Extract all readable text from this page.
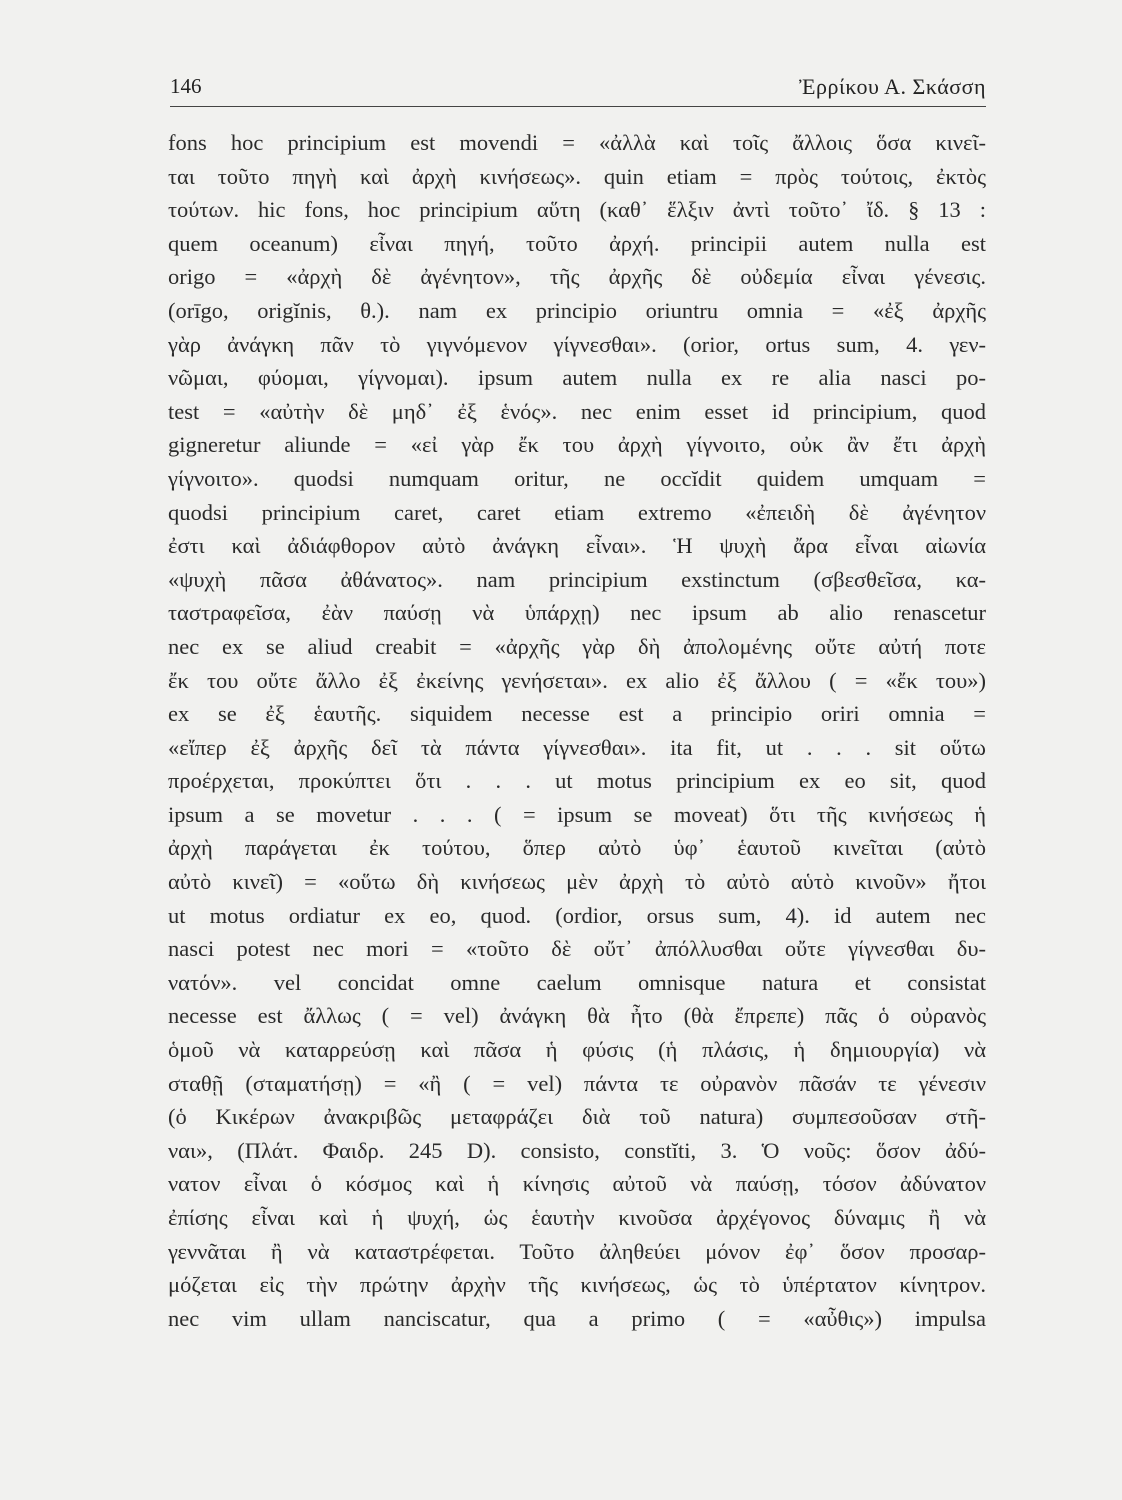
146	Ἐρρίκου Α. Σκάσση
fons hoc principium est movendi = «ἀλλὰ καὶ τοῖς ἄλλοις ὅσα κινεῖ-
ται τοῦτο πηγὴ καὶ ἀρχὴ κινήσεως». quin etiam = πρὸς τούτοις, ἐκτὸς
τούτων. hic fons, hoc principium αὕτη (καθ᾽ ἕλξιν ἀντὶ τοῦτο᾽ ἴδ. § 13 :
quem oceanum) εἶναι πηγή, τοῦτο ἀρχή. principii autem nulla est
origo = «ἀρχὴ δὲ ἀγένητον», τῆς ἀρχῆς δὲ οὐδεμία εἶναι γένεσις.
(orīgo, origĭnis, θ.). nam ex principio oriuntru omnia = «ἐξ ἀρχῆς
γὰρ ἀνάγκη πᾶν τὸ γιγνόμενον γίγνεσθαι». (orior, ortus sum, 4. γεν-
νῶμαι, φύομαι, γίγνομαι). ipsum autem nulla ex re alia nasci po-
test = «αὐτὴν δὲ μηδ᾽ ἐξ ἑνός». nec enim esset id principium, quod
gigneretur aliunde = «εἰ γὰρ ἔκ του ἀρχὴ γίγνοιτο, οὐκ ἂν ἔτι ἀρχὴ
γίγνοιτο». quodsi numquam oritur, ne occĭdit quidem umquam =
quodsi principium caret, caret etiam extremo «ἐπειδὴ δὲ ἀγένητον
ἐστι καὶ ἀδιάφθορον αὐτὸ ἀνάγκη εἶναι». Ἡ ψυχὴ ἄρα εἶναι αἰωνία
«ψυχὴ πᾶσα ἀθάνατος». nam principium exstinctum (σβεσθεῖσα, κα-
ταστραφεῖσα, ἐὰν παύσῃ νὰ ὑπάρχῃ) nec ipsum ab alio renascetur
nec ex se aliud creabit = «ἀρχῆς γὰρ δὴ ἀπολομένης οὔτε αὐτή ποτε
ἔκ του οὔτε ἄλλο ἐξ ἐκείνης γενήσεται». ex alio ἐξ ἄλλου ( = «ἔκ του»)
ex se ἐξ ἑαυτῆς. siquidem necesse est a principio oriri omnia =
«εἴπερ ἐξ ἀρχῆς δεῖ τὰ πάντα γίγνεσθαι». ita fit, ut . . . sit οὕτω
προέρχεται, προκύπτει ὅτι . . . ut motus principium ex eo sit, quod
ipsum a se movetur . . . ( = ipsum se moveat) ὅτι τῆς κινήσεως ἡ
ἀρχὴ παράγεται ἐκ τούτου, ὅπερ αὐτὸ ὑφ᾽ ἑαυτοῦ κινεῖται (αὐτὸ
αὐτὸ κινεῖ) = «οὕτω δὴ κινήσεως μὲν ἀρχὴ τὸ αὐτὸ αὑτὸ κινοῦν» ἤτοι
ut motus ordiatur ex eo, quod. (ordior, orsus sum, 4). id autem nec
nasci potest nec mori = «τοῦτο δὲ οὔτ᾽ ἀπόλλυσθαι οὔτε γίγνεσθαι δυ-
νατόν». vel concidat omne caelum omnisque natura et consistat
necesse est ἄλλως ( = vel) ἀνάγκη θὰ ἦτο (θὰ ἔπρεπε) πᾶς ὁ οὐρανὸς
ὁμοῦ νὰ καταρρεύσῃ καὶ πᾶσα ἡ φύσις (ἡ πλάσις, ἡ δημιουργία) νὰ
σταθῇ (σταματήσῃ) = «ἢ ( = vel) πάντα τε οὐρανὸν πᾶσάν τε γένεσιν
(ὁ Κικέρων ἀνακριβῶς μεταφράζει διὰ τοῦ natura) συμπεσοῦσαν στῆ-
ναι», (Πλάτ. Φαιδρ. 245 D). consisto, constĭti, 3. Ὁ νοῦς: ὅσον ἀδύ-
νατον εἶναι ὁ κόσμος καὶ ἡ κίνησις αὐτοῦ νὰ παύσῃ, τόσον ἀδύνατον
ἐπίσης εἶναι καὶ ἡ ψυχή, ὡς ἑαυτὴν κινοῦσα ἀρχέγονος δύναμις ἢ νὰ
γεννᾶται ἢ νὰ καταστρέφεται. Τοῦτο ἀληθεύει μόνον ἐφ᾽ ὅσον προσαρ-
μόζεται εἰς τὴν πρώτην ἀρχὴν τῆς κινήσεως, ὡς τὸ ὑπέρτατον κίνητρον.
nec vim ullam nanciscatur, qua a primo ( = «αὖθις») impulsa
